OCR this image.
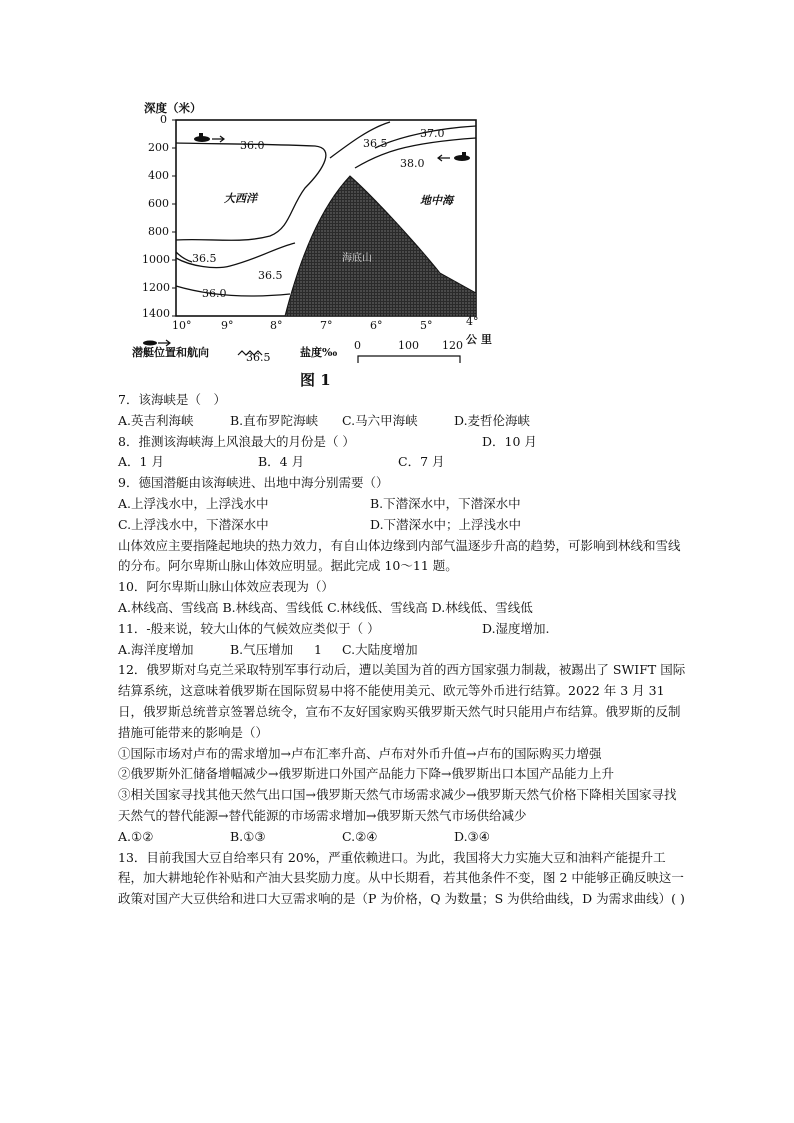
深度（米）
0
200
400
600
800
1000
1200
1400
10°	9°	8°	7°	6°	5°	4°
大西洋	地中海
海底山
36.0	36.5
37.0
38.0
36.5
36.5
36.0
潜艇位置和航向	36.5	盐度‰
0	100 120 公 里
图 1
7．该海峡是（　）
A.英吉利海峡	B.直布罗陀海峡 C.马六甲海峡	D.麦哲伦海峡
8．推测该海峡海上风浪最大的月份是（ ）	D．10 月
A．1 月	B．4 月	C．7 月
9．德国潜艇由该海峡进、出地中海分别需要（）
A.上浮浅水中，上浮浅水中	B.下潜深水中，下潜深水中
C.上浮浅水中，下潜深水中	D.下潜深水中；上浮浅水中
山体效应主要指隆起地块的热力效力，有自山体边缘到内部气温逐步升高的趋势，可影响到林线和雪线的分布。阿尔卑斯山脉山体效应明显。据此完成 10～11 题。
10．阿尔卑斯山脉山体效应表现为（）
A.林线高、雪线高 B.林线高、雪线低 C.林线低、雪线高 D.林线低、雪线低
11．-般来说，较大山体的气候效应类似于（ ）	D.湿度增加.
A.海洋度增加	B.气压增加 1 C.大陆度增加
12．俄罗斯对乌克兰采取特别军事行动后，遭以美国为首的西方国家强力制裁，被踢出了 SWIFT 国际结算系统，这意味着俄罗斯在国际贸易中将不能使用美元、欧元等外币进行结算。2022 年 3 月 31 日，俄罗斯总统普京签署总统令，宣布不友好国家购买俄罗斯天然气时只能用卢布结算。俄罗斯的反制措施可能带来的影响是（）
①国际市场对卢布的需求增加→卢布汇率升高、卢布对外币升值→卢布的国际购买力增强
②俄罗斯外汇储备增幅减少→俄罗斯进口外国产品能力下降→俄罗斯出口本国产品能力上升
③相关国家寻找其他天然气出口国→俄罗斯天然气市场需求减少→俄罗斯天然气价格下降相关国家寻找天然气的替代能源→替代能源的市场需求增加→俄罗斯天然气市场供给减少
A.①②	B.①③	C.②④	D.③④
13．目前我国大豆自给率只有 20%，严重依赖进口。为此，我国将大力实施大豆和油料产能提升工程，加大耕地轮作补贴和产油大县奖励力度。从中长期看，若其他条件不变，图 2 中能够正确反映这一政策对国产大豆供给和进口大豆需求响的是（P 为价格，Q 为数量；S 为供给曲线，D 为需求曲线）( )
